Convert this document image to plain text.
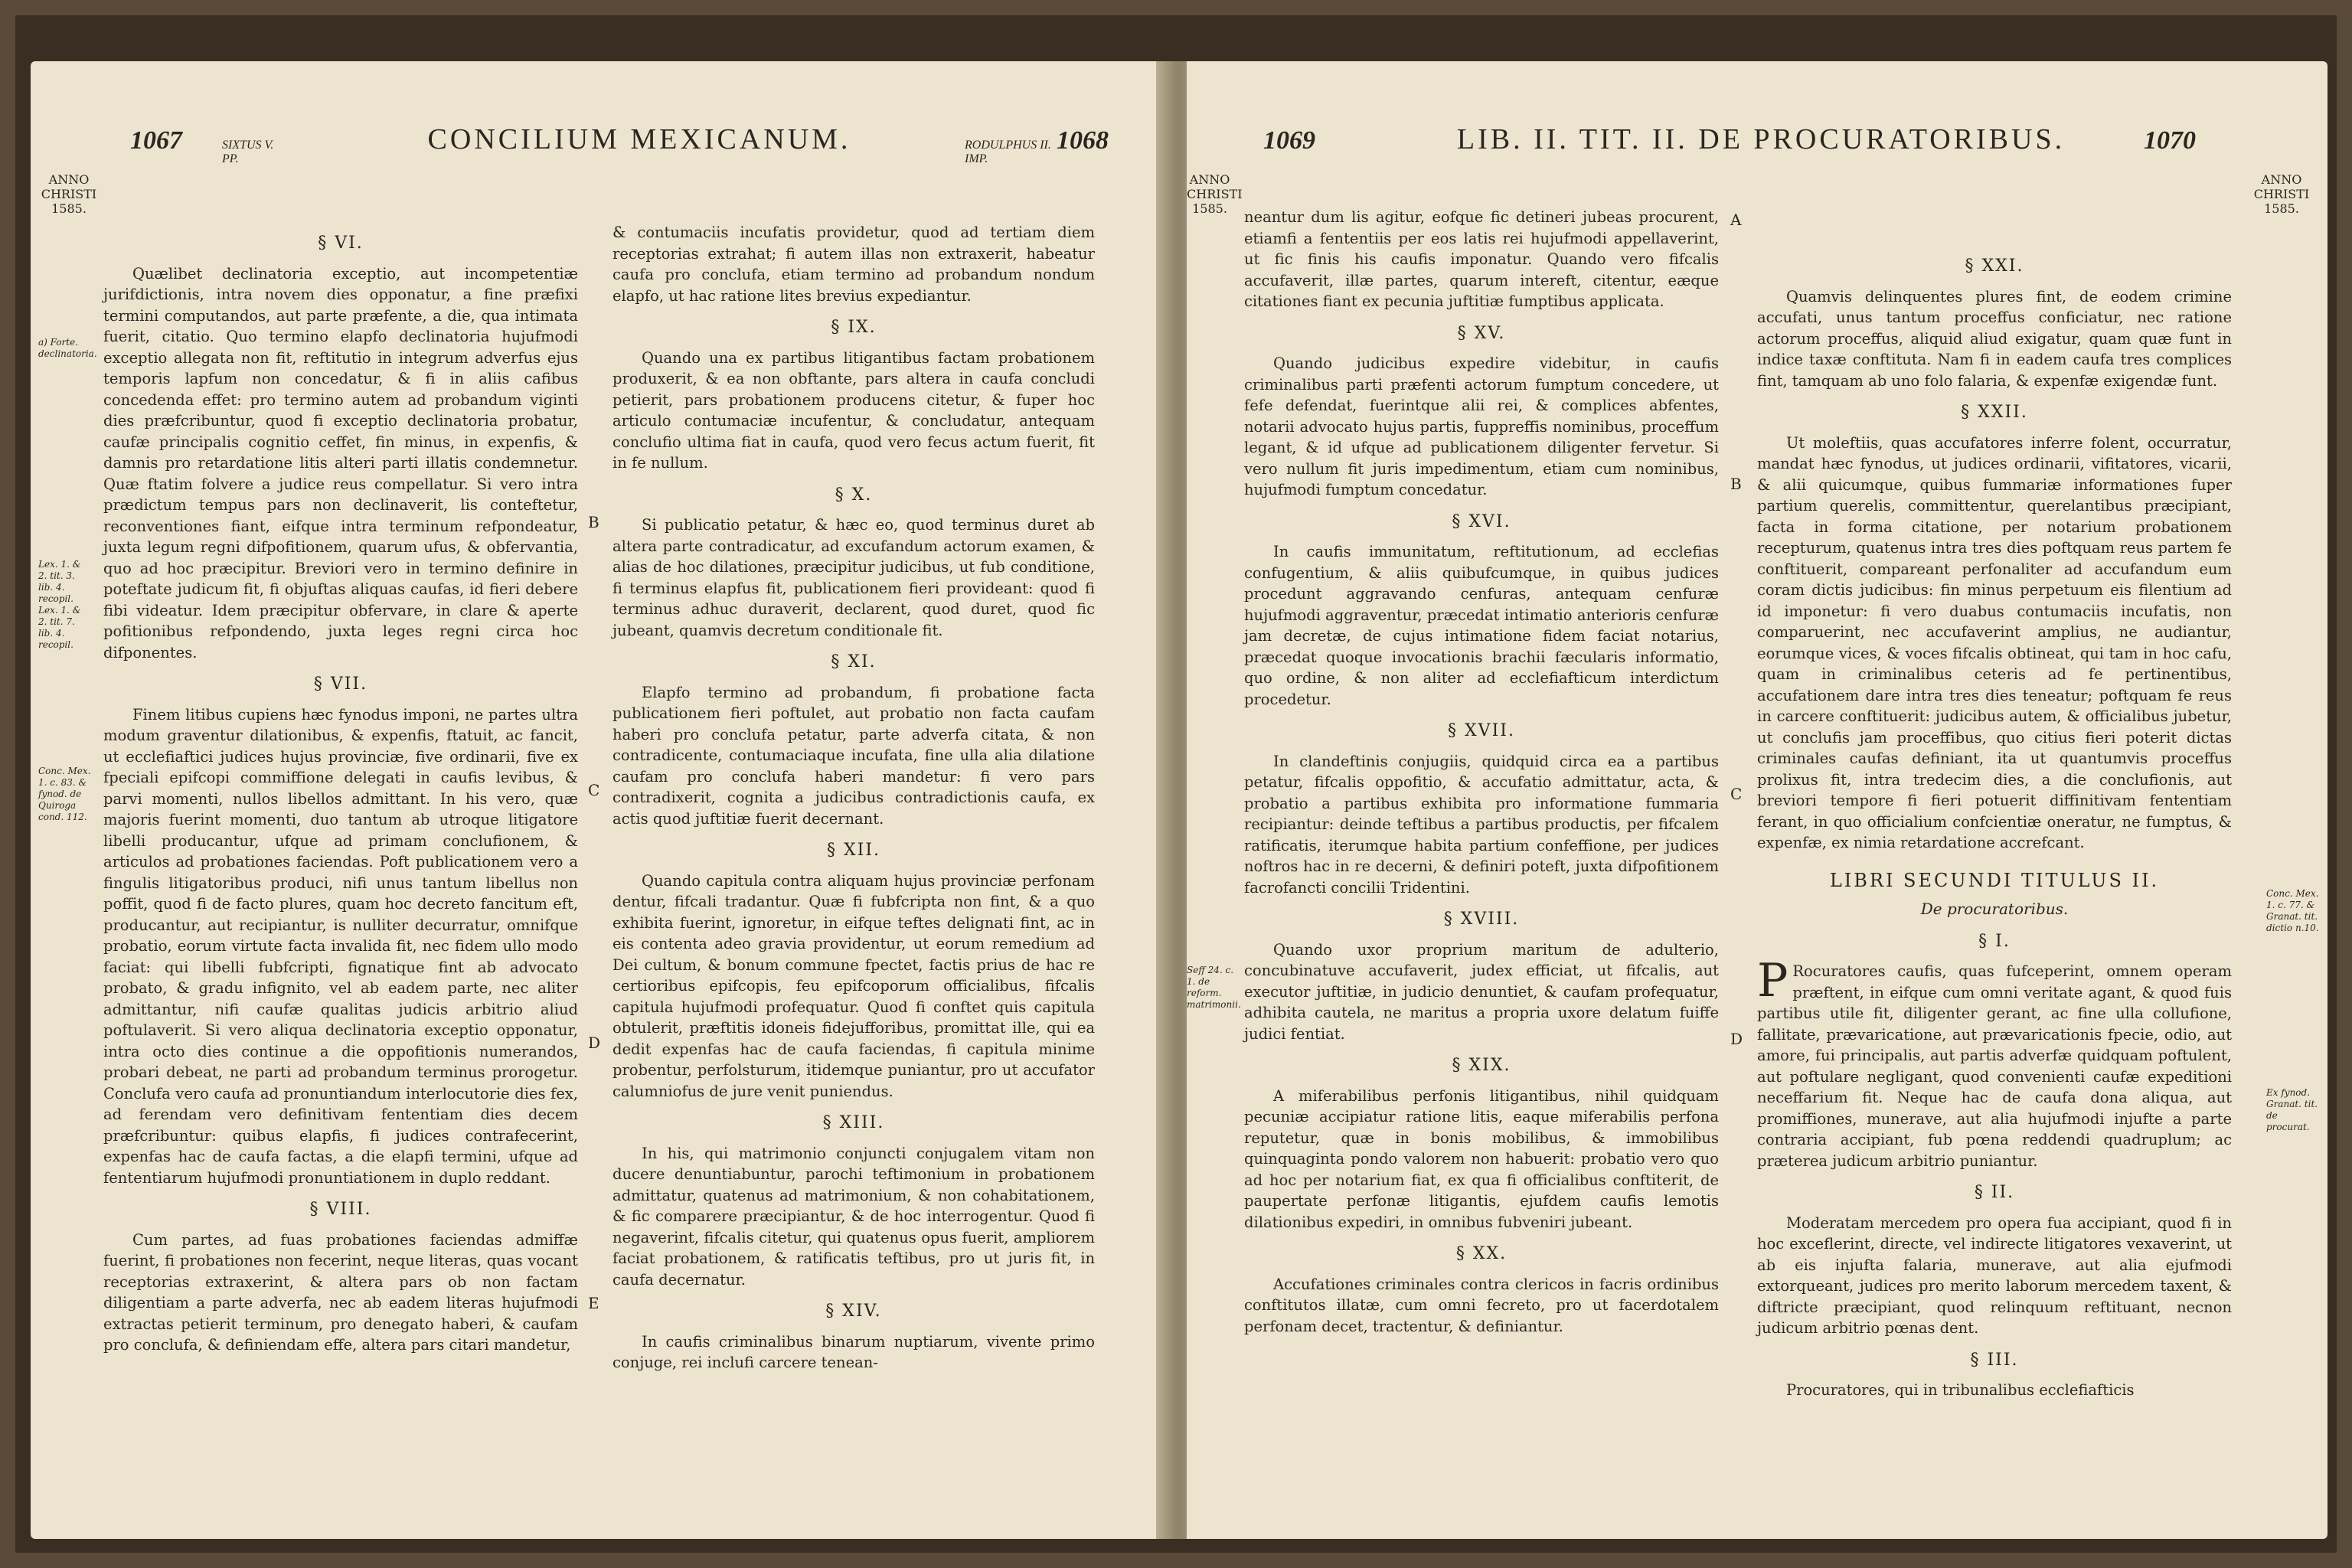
1067	SIXTUS V.
PP.
CONCILIUM MEXICANUM.	RODULPHUS II.
IMP.
1068
ANNO
CHRISTI
1585.
a) Forte. declinatoria.
Lex. 1. & 2. tit. 3. lib. 4. recopil. Lex. 1. & 2. tit. 7. lib. 4. recopil.
Conc. Mex. 1. c. 83. & fynod. de Quiroga cond. 112.
§ VI.

Quælibet declinatoria exceptio, aut incompetentiæ jurifdictionis, intra novem dies opponatur, a fine præfixi termini computandos, aut parte præfente, a die, qua intimata fuerit, citatio. Quo termino elapfo declinatoria hujufmodi exceptio allegata non fit, reftitutio in integrum adverfus ejus temporis lapfum non concedatur, & fi in aliis cafibus concedenda effet: pro termino autem ad probandum viginti dies præfcribuntur, quod fi exceptio declinatoria probatur, caufæ principalis cognitio ceffet, fin minus, in expenfis, & damnis pro retardatione litis alteri parti illatis condemnetur. Quæ ftatim folvere a judice reus compellatur. Si vero intra prædictum tempus pars non declinaverit, lis conteftetur, reconventiones fiant, eifque intra terminum refpondeatur, juxta legum regni difpofitionem, quarum ufus, & obfervantia, quo ad hoc præcipitur. Breviori vero in termino definire in poteftate judicum fit, fi objuftas aliquas caufas, id fieri debere fibi videatur. Idem præcipitur obfervare, in clare & aperte pofitionibus refpondendo, juxta leges regni circa hoc difponentes.

§ VII.

Finem litibus cupiens hæc fynodus imponi, ne partes ultra modum graventur dilationibus, & expenfis, ftatuit, ac fancit, ut ecclefiaftici judices hujus provinciæ, five ordinarii, five ex fpeciali epifcopi commiffione delegati in caufis levibus, & parvi momenti, nullos libellos admittant. In his vero, quæ majoris fuerint momenti, duo tantum ab utroque litigatore libelli producantur, ufque ad primam conclufionem, & articulos ad probationes faciendas. Poft publicationem vero a fingulis litigatoribus produci, nifi unus tantum libellus non poffit, quod fi de facto plures, quam hoc decreto fancitum eft, producantur, aut recipiantur, is nulliter decurratur, omnifque probatio, eorum virtute facta invalida fit, nec fidem ullo modo faciat: qui libelli fubfcripti, fignatique fint ab advocato probato, & gradu infignito, vel ab eadem parte, nec aliter admittantur, nifi caufæ qualitas judicis arbitrio aliud poftulaverit. Si vero aliqua declinatoria exceptio opponatur, intra octo dies continue a die oppofitionis numerandos, probari debeat, ne parti ad probandum terminus prorogetur. Conclufa vero caufa ad pronuntiandum interlocutorie dies fex, ad ferendam vero definitivam fententiam dies decem præfcribuntur: quibus elapfis, fi judices contrafecerint, expenfas hac de caufa factas, a die elapfi termini, ufque ad fententiarum hujufmodi pronuntiationem in duplo reddant.

§ VIII.

Cum partes, ad fuas probationes faciendas admiffæ fuerint, fi probationes non fecerint, neque literas, quas vocant receptorias extraxerint, & altera pars ob non factam diligentiam a parte adverfa, nec ab eadem literas hujufmodi extractas petierit terminum, pro denegato haberi, & caufam pro conclufa, & definiendam effe, altera pars citari mandetur,

B
C
D
E

& contumaciis incufatis providetur, quod ad tertiam diem receptorias extrahat; fi autem illas non extraxerit, habeatur caufa pro conclufa, etiam termino ad probandum nondum elapfo, ut hac ratione lites brevius expediantur.

§ IX.

Quando una ex partibus litigantibus factam probationem produxerit, & ea non obftante, pars altera in caufa concludi petierit, pars probationem producens citetur, & fuper hoc articulo contumaciæ incufentur, & concludatur, antequam conclufio ultima fiat in caufa, quod vero fecus actum fuerit, fit in fe nullum.

§ X.

Si publicatio petatur, & hæc eo, quod terminus duret ab altera parte contradicatur, ad excufandum actorum examen, & alias de hoc dilationes, præcipitur judicibus, ut fub conditione, fi terminus elapfus fit, publicationem fieri provideant: quod fi terminus adhuc duraverit, declarent, quod duret, quod fic jubeant, quamvis decretum conditionale fit.

§ XI.

Elapfo termino ad probandum, fi probatione facta publicationem fieri poftulet, aut probatio non facta caufam haberi pro conclufa petatur, parte adverfa citata, & non contradicente, contumaciaque incufata, fine ulla alia dilatione caufam pro conclufa haberi mandetur: fi vero pars contradixerit, cognita a judicibus contradictionis caufa, ex actis quod juftitiæ fuerit decernant.

§ XII.

Quando capitula contra aliquam hujus provinciæ perfonam dentur, fifcali tradantur. Quæ fi fubfcripta non fint, & a quo exhibita fuerint, ignoretur, in eifque teftes delignati fint, ac in eis contenta adeo gravia providentur, ut eorum remedium ad Dei cultum, & bonum commune fpectet, factis prius de hac re certioribus epifcopis, feu epifcoporum officialibus, fifcalis capitula hujufmodi profequatur. Quod fi conftet quis capitula obtulerit, præftitis idoneis fidejufforibus, promittat ille, qui ea dedit expenfas hac de caufa faciendas, fi capitula minime probentur, perfolsturum, itidemque puniantur, pro ut accufator calumniofus de jure venit puniendus.

§ XIII.

In his, qui matrimonio conjuncti conjugalem vitam non ducere denuntiabuntur, parochi teftimonium in probationem admittatur, quatenus ad matrimonium, & non cohabitationem, & fic comparere præcipiantur, & de hoc interrogentur. Quod fi negaverint, fifcalis citetur, qui quatenus opus fuerit, ampliorem faciat probationem, & ratificatis teftibus, pro ut juris fit, in caufa decernatur.

§ XIV.

In caufis criminalibus binarum nuptiarum, vivente primo conjuge, rei inclufi carcere tenean-

1069	LIB. II. TIT. II. DE PROCURATORIBUS.	1070
ANNO
CHRISTI
1585.
ANNO
CHRISTI
1585.
Seff 24. c. 1. de reform. matrimonii.
Conc. Mex. 1. c. 77. & Granat. tit. dictio n.10.
Ex fynod. Granat. tit. de procurat.
A
B
C
D

neantur dum lis agitur, eofque fic detineri jubeas procurent, etiamfi a fententiis per eos latis rei hujufmodi appellaverint, ut fic finis his caufis imponatur. Quando vero fifcalis accufaverit, illæ partes, quarum intereft, citentur, eæque citationes fiant ex pecunia juftitiæ fumptibus applicata.

§ XV.

Quando judicibus expedire videbitur, in caufis criminalibus parti præfenti actorum fumptum concedere, ut fefe defendat, fuerintque alii rei, & complices abfentes, notarii advocato hujus partis, fuppreffis nominibus, proceffum legant, & id ufque ad publicationem diligenter fervetur. Si vero nullum fit juris impedimentum, etiam cum nominibus, hujufmodi fumptum concedatur.

§ XVI.

In caufis immunitatum, reftitutionum, ad ecclefias confugentium, & aliis quibufcumque, in quibus judices procedunt aggravando cenfuras, antequam cenfuræ hujufmodi aggraventur, præcedat intimatio anterioris cenfuræ jam decretæ, de cujus intimatione fidem faciat notarius, præcedat quoque invocationis brachii fæcularis informatio, quo ordine, & non aliter ad ecclefiafticum interdictum procedetur.

§ XVII.

In clandeftinis conjugiis, quidquid circa ea a partibus petatur, fifcalis oppofitio, & accufatio admittatur, acta, & probatio a partibus exhibita pro informatione fummaria recipiantur: deinde teftibus a partibus productis, per fifcalem ratificatis, iterumque habita partium confeffione, per judices noftros hac in re decerni, & definiri poteft, juxta difpofitionem facrofancti concilii Tridentini.

§ XVIII.

Quando uxor proprium maritum de adulterio, concubinatuve accufaverit, judex efficiat, ut fifcalis, aut executor juftitiæ, in judicio denuntiet, & caufam profequatur, adhibita cautela, ne maritus a propria uxore delatum fuiffe judici fentiat.

§ XIX.

A miferabilibus perfonis litigantibus, nihil quidquam pecuniæ accipiatur ratione litis, eaque miferabilis perfona reputetur, quæ in bonis mobilibus, & immobilibus quinquaginta pondo valorem non habuerit: probatio vero quo ad hoc per notarium fiat, ex qua fi officialibus conftiterit, de paupertate perfonæ litigantis, ejufdem caufis lemotis dilationibus expediri, in omnibus fubveniri jubeant.

§ XX.

Accufationes criminales contra clericos in facris ordinibus conftitutos illatæ, cum omni fecreto, pro ut facerdotalem perfonam decet, tractentur, & definiantur.

§ XXI.

Quamvis delinquentes plures fint, de eodem crimine accufati, unus tantum proceffus conficiatur, nec ratione actorum proceffus, aliquid aliud exigatur, quam quæ funt in indice taxæ conftituta. Nam fi in eadem caufa tres complices fint, tamquam ab uno folo falaria, & expenfæ exigendæ funt.

§ XXII.

Ut moleftiis, quas accufatores inferre folent, occurratur, mandat hæc fynodus, ut judices ordinarii, vifitatores, vicarii, & alii quicumque, quibus fummariæ informationes fuper partium querelis, committentur, querelantibus præcipiant, facta in forma citatione, per notarium probationem recepturum, quatenus intra tres dies poftquam reus partem fe conftituerit, compareant perfonaliter ad accufandum eum coram dictis judicibus: fin minus perpetuum eis filentium ad id imponetur: fi vero duabus contumaciis incufatis, non comparuerint, nec accufaverint amplius, ne audiantur, eorumque vices, & voces fifcalis obtineat, qui tam in hoc cafu, quam in criminalibus ceteris ad fe pertinentibus, accufationem dare intra tres dies teneatur; poftquam fe reus in carcere conftituerit: judicibus autem, & officialibus jubetur, ut conclufis jam proceffibus, quo citius fieri poterit dictas criminales caufas definiant, ita ut quantumvis proceffus prolixus fit, intra tredecim dies, a die conclufionis, aut breviori tempore fi fieri potuerit diffinitivam fententiam ferant, in quo officialium confcientiæ oneratur, ne fumptus, & expenfæ, ex nimia retardatione accrefcant.

LIBRI SECUNDI TITULUS II.
De procuratoribus.
§ I.

P Rocuratores caufis, quas fufceperint, omnem operam præftent, in eifque cum omni veritate agant, & quod fuis partibus utile fit, diligenter gerant, ac fine ulla collufione, fallitate, prævaricatione, aut prævaricationis fpecie, odio, aut amore, fui principalis, aut partis adverfæ quidquam poftulent, aut poftulare negligant, quod convenienti caufæ expeditioni neceffarium fit. Neque hac de caufa dona aliqua, aut promiffiones, munerave, aut alia hujufmodi injufte a parte contraria accipiant, fub pœna reddendi quadruplum; ac præterea judicum arbitrio puniantur.

§ II.

Moderatam mercedem pro opera fua accipiant, quod fi in hoc exceflerint, directe, vel indirecte litigatores vexaverint, ut ab eis injufta falaria, munerave, aut alia ejufmodi extorqueant, judices pro merito laborum mercedem taxent, & diftricte præcipiant, quod relinquum reftituant, necnon judicum arbitrio pœnas dent.

§ III.

Procuratores, qui in tribunalibus ecclefiafticis
